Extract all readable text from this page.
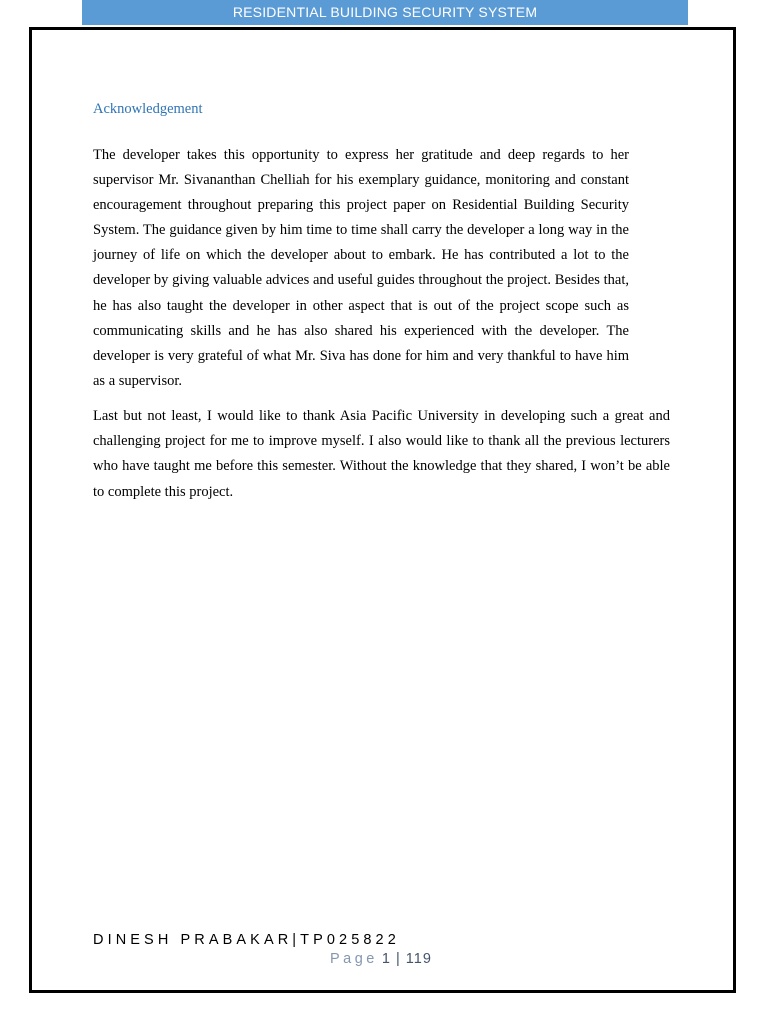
RESIDENTIAL BUILDING SECURITY SYSTEM
Acknowledgement

The developer takes this opportunity to express her gratitude and deep regards to her supervisor Mr. Sivananthan Chelliah for his exemplary guidance, monitoring and constant encouragement throughout preparing this project paper on Residential Building Security System. The guidance given by him time to time shall carry the developer a long way in the journey of life on which the developer about to embark. He has contributed a lot to the developer by giving valuable advices and useful guides throughout the project. Besides that, he has also taught the developer in other aspect that is out of the project scope such as communicating skills and he has also shared his experienced with the developer. The developer is very grateful of what Mr. Siva has done for him and very thankful to have him as a supervisor.

Last but not least, I would like to thank Asia Pacific University in developing such a great and challenging project for me to improve myself. I also would like to thank all the previous lecturers who have taught me before this semester. Without the knowledge that they shared, I won’t be able to complete this project.

DINESH PRABAKAR|TP025822
Page 1 | 119
